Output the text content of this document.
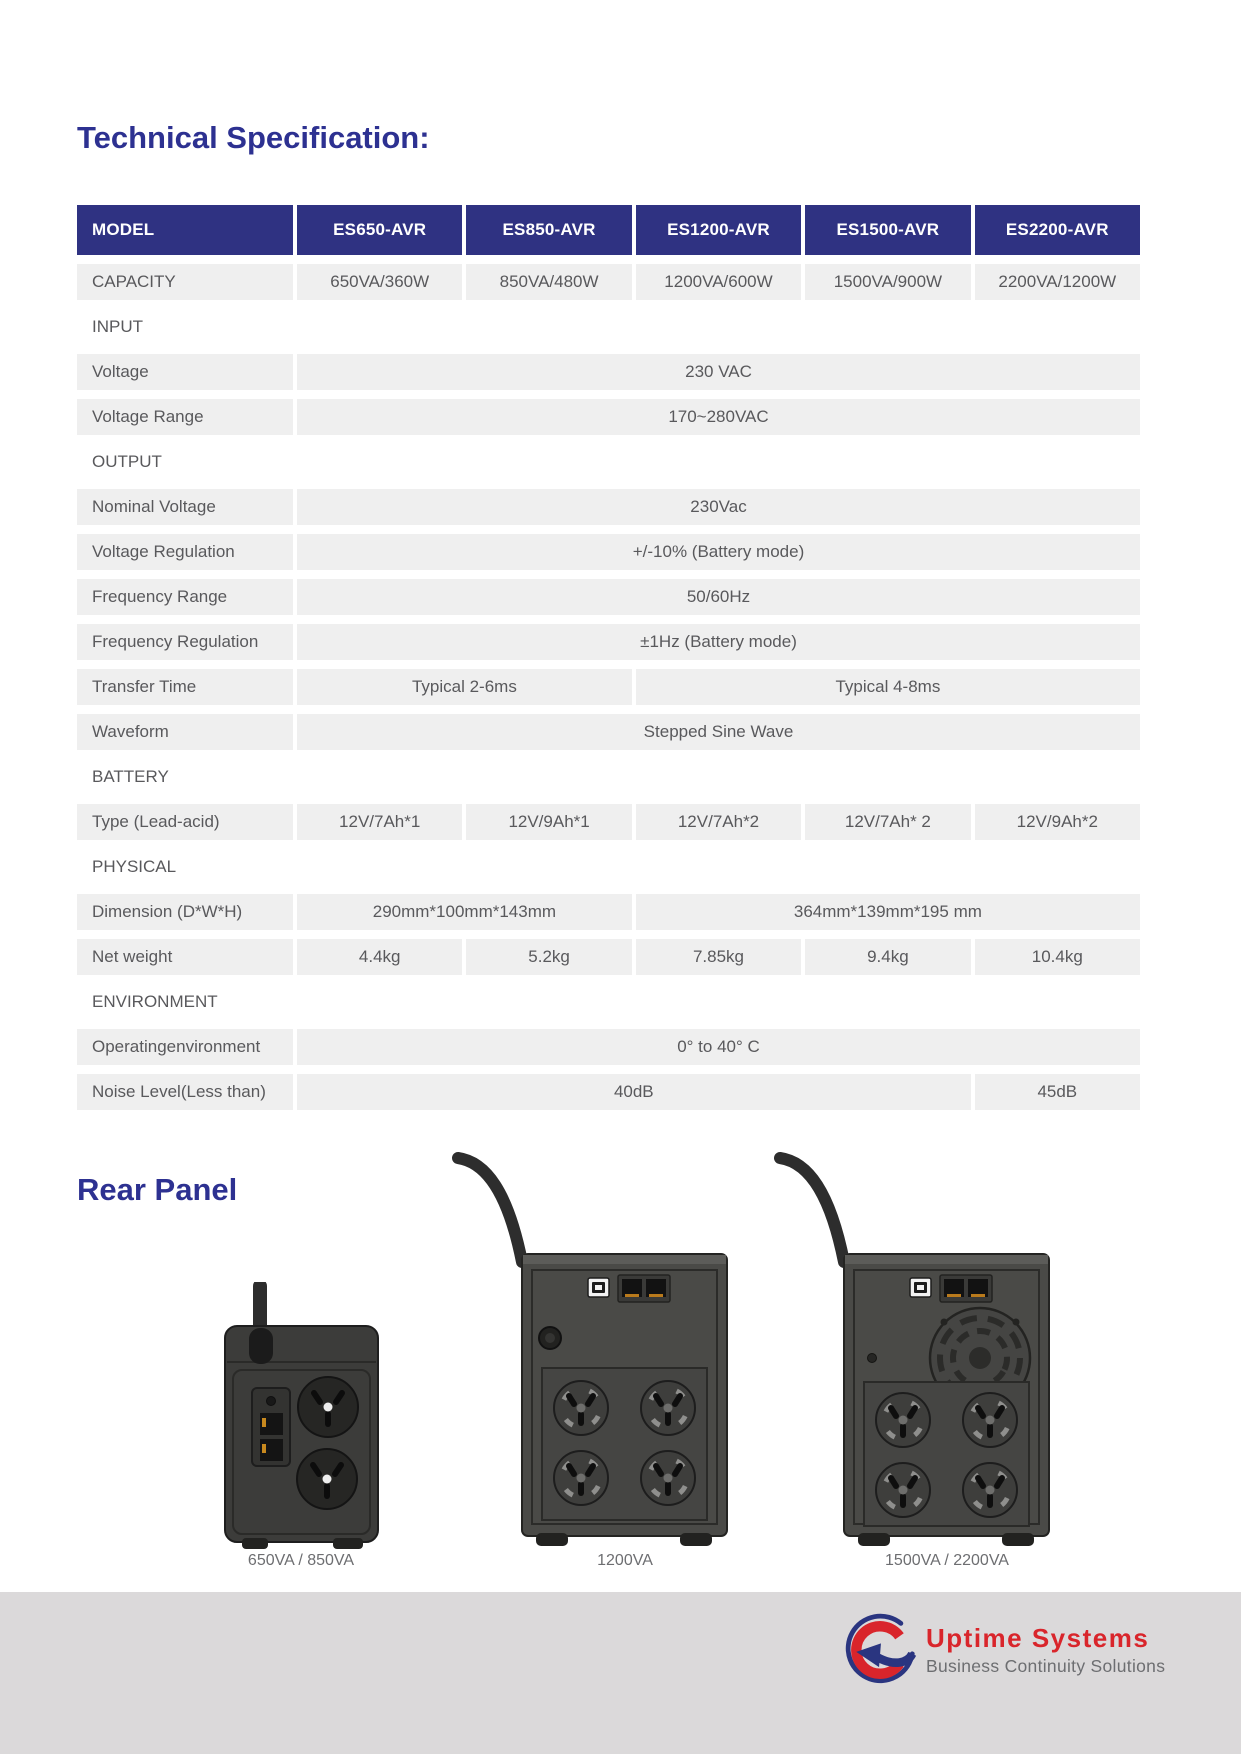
Technical Specification:
MODEL	ES650-AVR	ES850-AVR	ES1200-AVR	ES1500-AVR	ES2200-AVR
CAPACITY	650VA/360W	850VA/480W	1200VA/600W	1500VA/900W	2200VA/1200W
INPUT
Voltage	230 VAC
Voltage Range	170~280VAC
OUTPUT
Nominal Voltage	230Vac
Voltage Regulation	+/-10% (Battery mode)
Frequency Range	50/60Hz
Frequency Regulation	±1Hz (Battery mode)
Transfer Time	Typical 2-6ms	Typical 4-8ms
Waveform	Stepped Sine Wave
BATTERY
Type (Lead-acid)	12V/7Ah*1	12V/9Ah*1	12V/7Ah*2	12V/7Ah* 2	12V/9Ah*2
PHYSICAL
Dimension (D*W*H)	290mm*100mm*143mm	364mm*139mm*195 mm
Net weight	4.4kg	5.2kg	7.85kg	9.4kg	10.4kg
ENVIRONMENT
Operatingenvironment	0° to 40° C
Noise Level(Less than)	40dB	45dB
Rear Panel
650VA / 850VA	1200VA	1500VA / 2200VA
Uptime Systems
Business Continuity Solutions
